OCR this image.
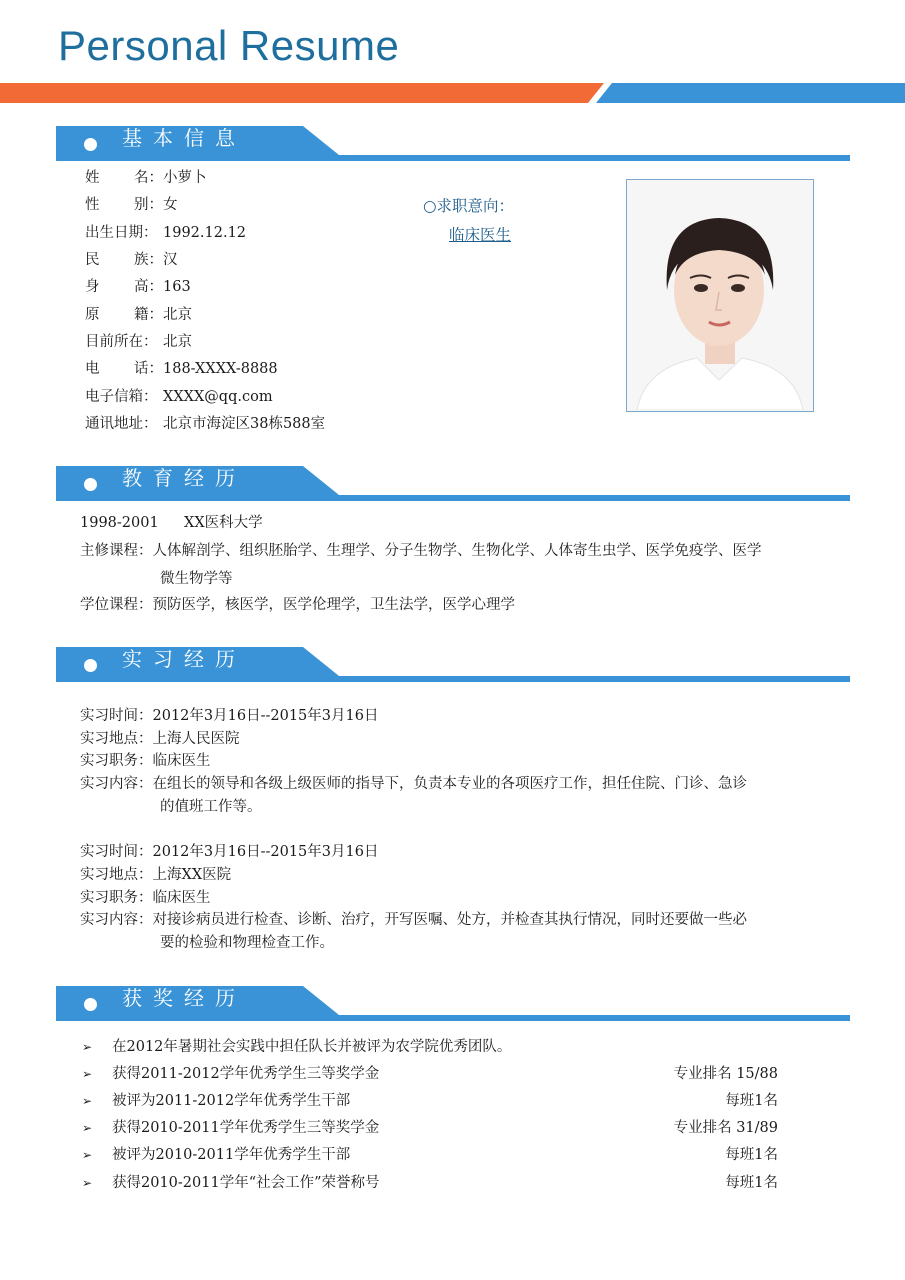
Personal Resume
基本信息
姓 名： 小萝卜
性 别： 女
出生日期： 1992.12.12
民 族： 汉
身 高： 163
原 籍： 北京
目前所在： 北京
电 话： 188-XXXX-8888
电子信箱： XXXX@qq.com
通讯地址： 北京市海淀区38栋588室
○求职意向：
临床医生
教育经历
1998-2001 XX医科大学
主修课程：人体解剖学、组织胚胎学、生理学、分子生物学、生物化学、人体寄生虫学、医学免疫学、医学
微生物学等
学位课程：预防医学，核医学，医学伦理学，卫生法学，医学心理学
实习经历
实习时间：2012年3月16日--2015年3月16日
实习地点：上海人民医院
实习职务：临床医生
实习内容：在组长的领导和各级上级医师的指导下，负责本专业的各项医疗工作，担任住院、门诊、急诊
的值班工作等。
实习时间：2012年3月16日--2015年3月16日
实习地点：上海XX医院
实习职务：临床医生
实习内容：对接诊病员进行检查、诊断、治疗，开写医嘱、处方，并检查其执行情况，同时还要做一些必
要的检验和物理检查工作。
获奖经历
➢ 在2012年暑期社会实践中担任队长并被评为农学院优秀团队。
➢ 获得2011-2012学年优秀学生三等奖学金	专业排名 15/88
➢ 被评为2011-2012学年优秀学生干部	每班1名
➢ 获得2010-2011学年优秀学生三等奖学金	专业排名 31/89
➢ 被评为2010-2011学年优秀学生干部	每班1名
➢ 获得2010-2011学年“社会工作”荣誉称号	每班1名
